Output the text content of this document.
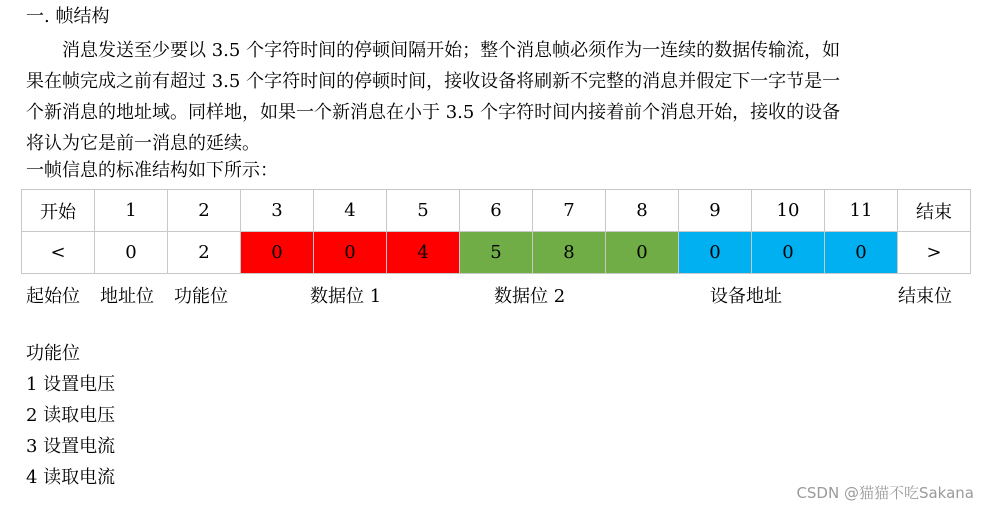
一. 帧结构
消息发送至少要以 3.5 个字符时间的停顿间隔开始；整个消息帧必须作为一连续的数据传输流，如
果在帧完成之前有超过 3.5 个字符时间的停顿时间，接收设备将刷新不完整的消息并假定下一字节是一
个新消息的地址域。同样地，如果一个新消息在小于 3.5 个字符时间内接着前个消息开始，接收的设备
将认为它是前一消息的延续。
一帧信息的标准结构如下所示：
开始	1	2	3	4	5	6	7	8	9	10	11	结束
<	0	2	0	0	4	5	8	0	0	0	0	>
起始位 地址位 功能位	数据位 1	数据位 2	设备地址	结束位
功能位
1 设置电压
2 读取电压
3 设置电流
4 读取电流
CSDN @猫猫不吃Sakana
